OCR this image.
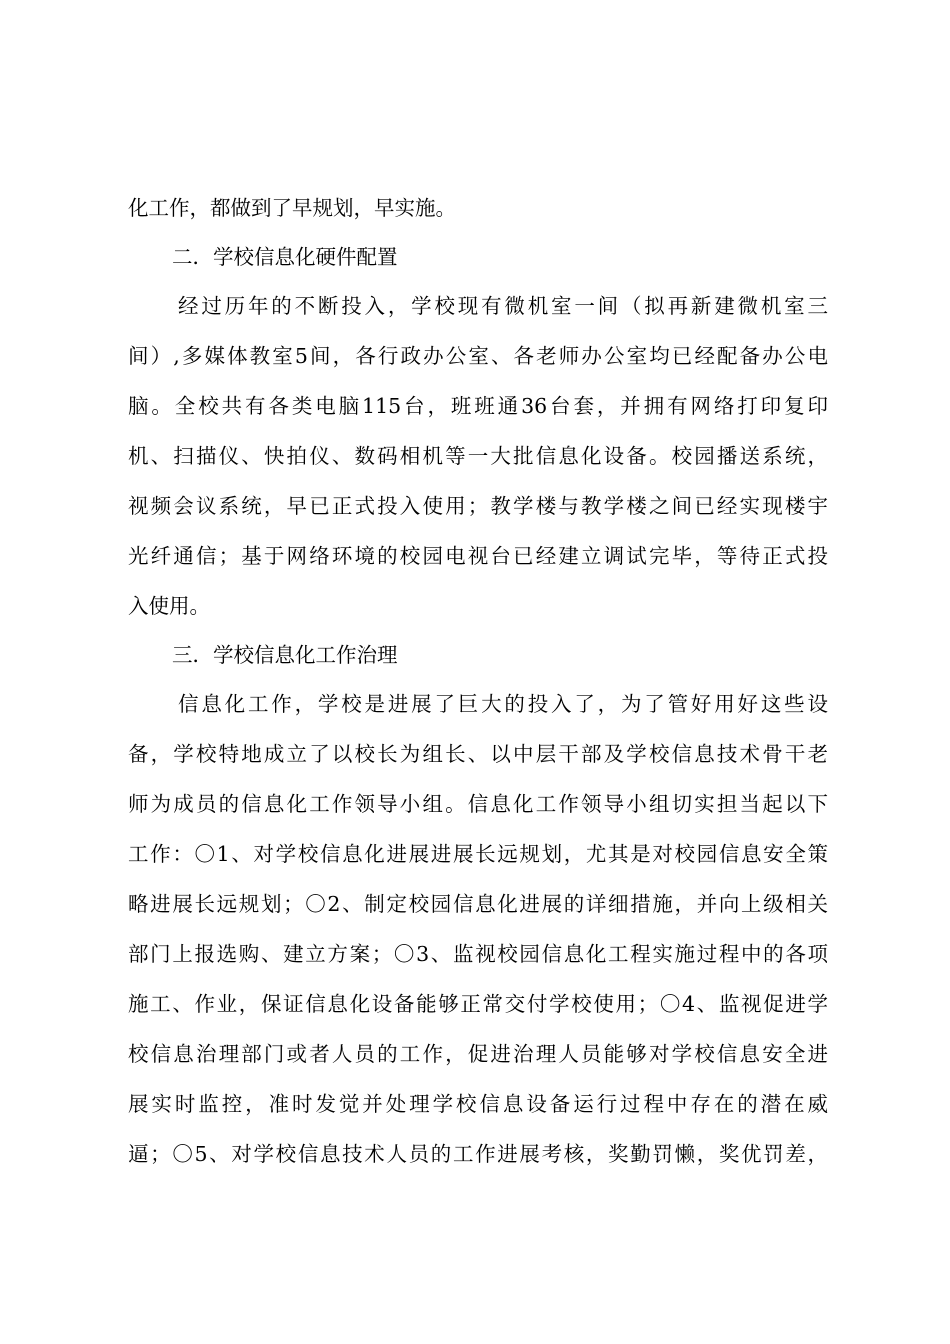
化工作，都做到了早规划，早实施。
二．学校信息化硬件配置
经过历年的不断投入，学校现有微机室一间（拟再新建微机室三
间）,多媒体教室5间，各行政办公室、各老师办公室均已经配备办公电
脑。全校共有各类电脑115台，班班通36台套，并拥有网络打印复印
机、扫描仪、快拍仪、数码相机等一大批信息化设备。校园播送系统，
视频会议系统，早已正式投入使用；教学楼与教学楼之间已经实现楼宇
光纤通信；基于网络环境的校园电视台已经建立调试完毕，等待正式投
入使用。
三．学校信息化工作治理
信息化工作，学校是进展了巨大的投入了，为了管好用好这些设
备，学校特地成立了以校长为组长、以中层干部及学校信息技术骨干老
师为成员的信息化工作领导小组。信息化工作领导小组切实担当起以下
工作：〇1、对学校信息化进展进展长远规划，尤其是对校园信息安全策
略进展长远规划；〇2、制定校园信息化进展的详细措施，并向上级相关
部门上报选购、建立方案；〇3、监视校园信息化工程实施过程中的各项
施工、作业，保证信息化设备能够正常交付学校使用；〇4、监视促进学
校信息治理部门或者人员的工作，促进治理人员能够对学校信息安全进
展实时监控，准时发觉并处理学校信息设备运行过程中存在的潜在威
逼；〇5、对学校信息技术人员的工作进展考核，奖勤罚懒，奖优罚差，
